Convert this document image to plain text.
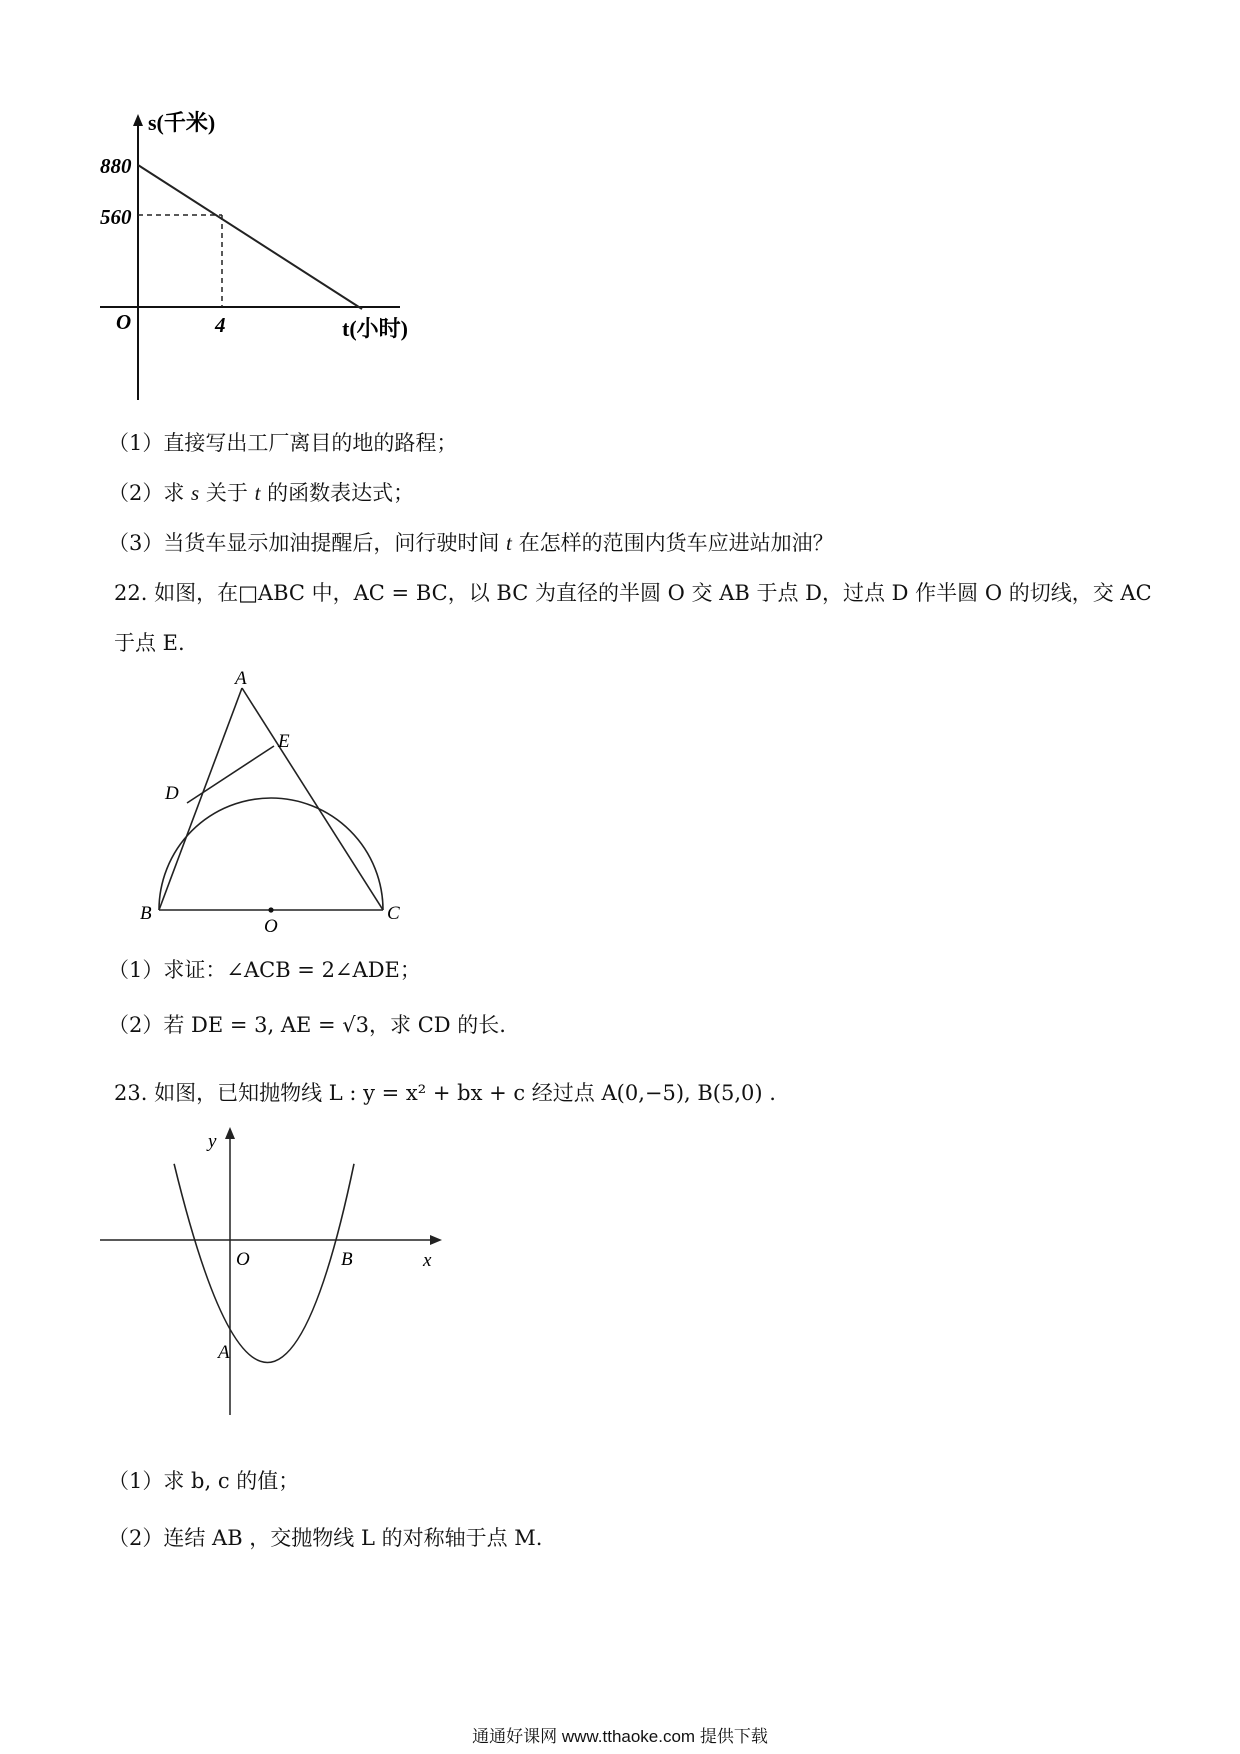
s(千米)
880
560
O	4	t(小时)
（1）直接写出工厂离目的地的路程；
（2）求 s 关于 t 的函数表达式；
（3）当货车显示加油提醒后，问行驶时间 t 在怎样的范围内货车应进站加油？
22. 如图，在□ABC 中，AC = BC，以 BC 为直径的半圆 O 交 AB 于点 D，过点 D 作半圆 O 的切线，交 AC
于点 E.
A
E
D
B
O
C
（1）求证：∠ACB = 2∠ADE；
（2）若 DE = 3, AE = √3，求 CD 的长.
23. 如图，已知抛物线 L : y = x² + bx + c 经过点 A(0,−5), B(5,0) .
y
x
O	B
A
（1）求 b, c 的值；
（2）连结 AB ，交抛物线 L 的对称轴于点 M.
通通好课网 www.tthaoke.com 提供下载
